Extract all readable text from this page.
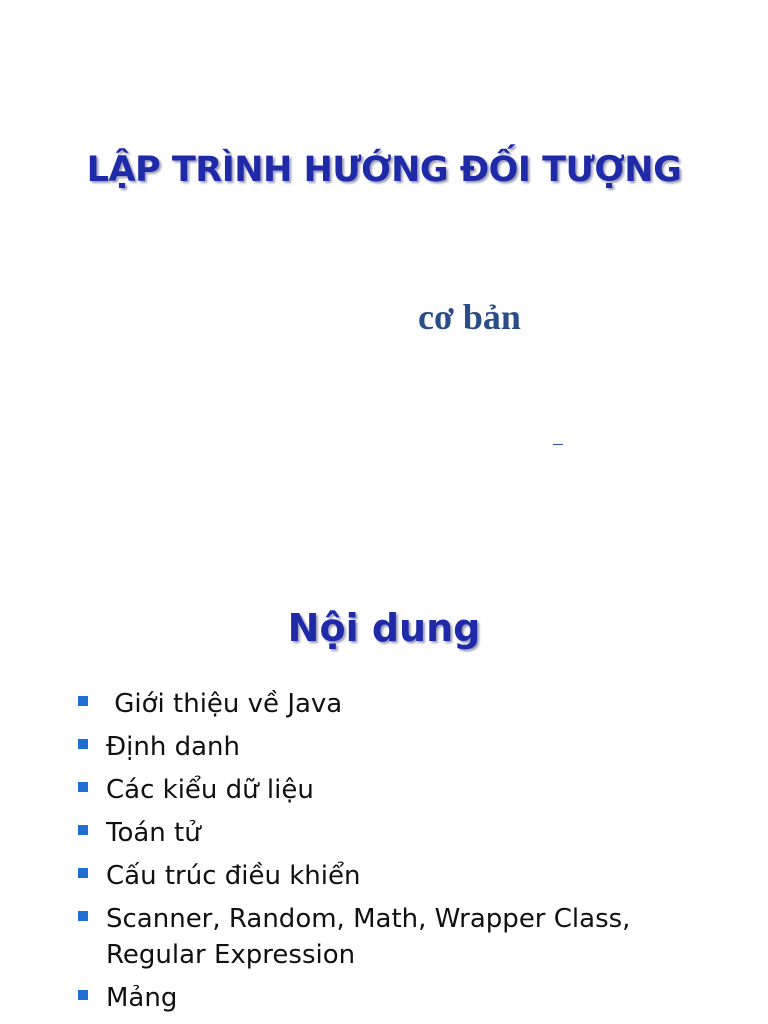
LẬP TRÌNH HƯỚNG ĐỐI TƯỢNG

cơ bản

Nội dung
Giới thiệu về Java
Định danh
Các kiểu dữ liệu
Toán tử
Cấu trúc điều khiển
Scanner, Random, Math, Wrapper Class, Regular Expression
Mảng
